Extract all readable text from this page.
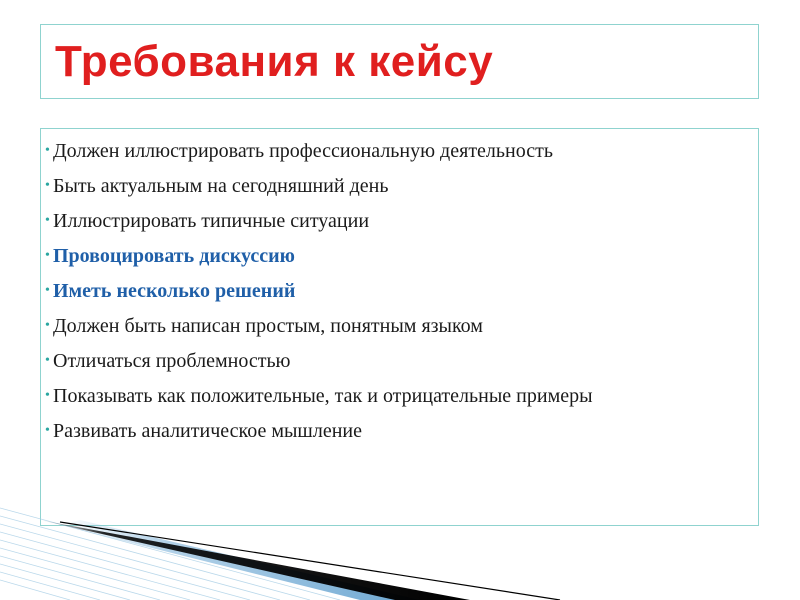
Требования к кейсу
• Должен иллюстрировать профессиональную деятельность
• Быть актуальным на сегодняшний день
• Иллюстрировать типичные ситуации
• Провоцировать дискуссию
• Иметь несколько решений
• Должен быть написан простым, понятным языком
• Отличаться проблемностью
• Показывать как положительные, так и отрицательные примеры
• Развивать аналитическое мышление
